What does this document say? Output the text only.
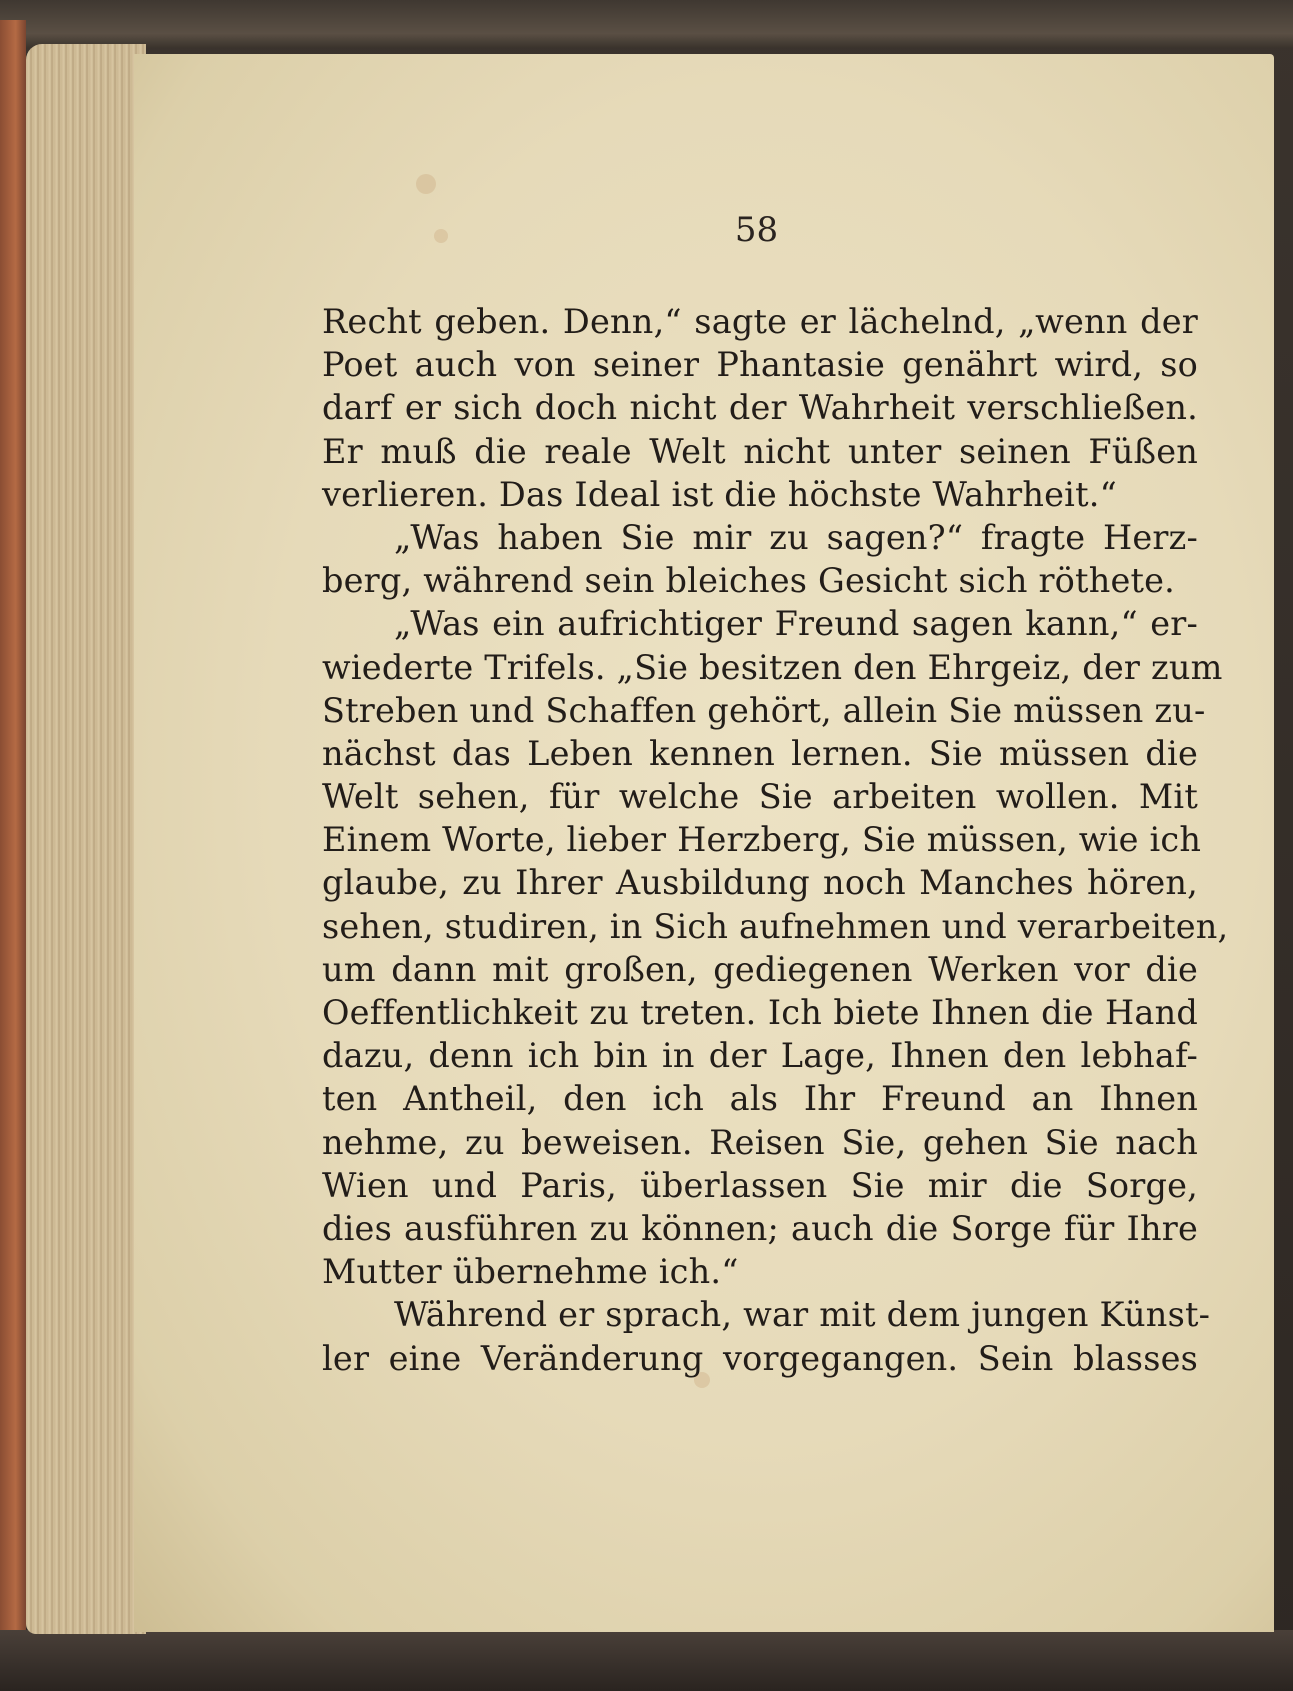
58
Recht geben. Denn,“ sagte er lächelnd, „wenn der
Poet auch von seiner Phantasie genährt wird, so
darf er sich doch nicht der Wahrheit verschließen.
Er muß die reale Welt nicht unter seinen Füßen
verlieren. Das Ideal ist die höchste Wahrheit.“
„Was haben Sie mir zu sagen?“ fragte Herz-
berg, während sein bleiches Gesicht sich röthete.
„Was ein aufrichtiger Freund sagen kann,“ er-
wiederte Trifels. „Sie besitzen den Ehrgeiz, der zum
Streben und Schaffen gehört, allein Sie müssen zu-
nächst das Leben kennen lernen. Sie müssen die
Welt sehen, für welche Sie arbeiten wollen. Mit
Einem Worte, lieber Herzberg, Sie müssen, wie ich
glaube, zu Ihrer Ausbildung noch Manches hören,
sehen, studiren, in Sich aufnehmen und verarbeiten,
um dann mit großen, gediegenen Werken vor die
Oeffentlichkeit zu treten. Ich biete Ihnen die Hand
dazu, denn ich bin in der Lage, Ihnen den lebhaf-
ten Antheil, den ich als Ihr Freund an Ihnen
nehme, zu beweisen. Reisen Sie, gehen Sie nach
Wien und Paris, überlassen Sie mir die Sorge,
dies ausführen zu können; auch die Sorge für Ihre
Mutter übernehme ich.“
Während er sprach, war mit dem jungen Künst-
ler eine Veränderung vorgegangen. Sein blasses
